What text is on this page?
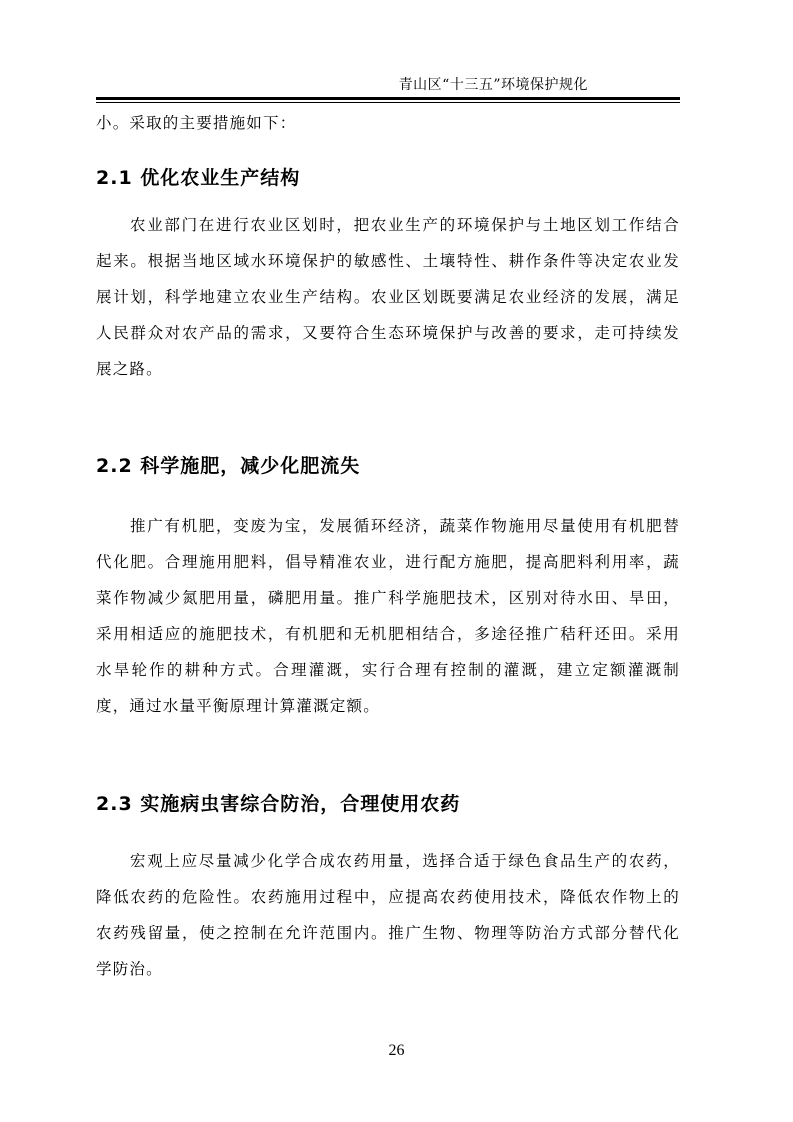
青山区“十三五”环境保护规化

小。采取的主要措施如下：

2.1 优化农业生产结构

农业部门在进行农业区划时，把农业生产的环境保护与土地区划工作结合起来。根据当地区域水环境保护的敏感性、土壤特性、耕作条件等决定农业发展计划，科学地建立农业生产结构。农业区划既要满足农业经济的发展，满足人民群众对农产品的需求，又要符合生态环境保护与改善的要求，走可持续发展之路。

2.2 科学施肥，减少化肥流失

推广有机肥，变废为宝，发展循环经济，蔬菜作物施用尽量使用有机肥替代化肥。合理施用肥料，倡导精准农业，进行配方施肥，提高肥料利用率，蔬菜作物减少氮肥用量，磷肥用量。推广科学施肥技术，区别对待水田、旱田，采用相适应的施肥技术，有机肥和无机肥相结合，多途径推广秸秆还田。采用水旱轮作的耕种方式。合理灌溉，实行合理有控制的灌溉，建立定额灌溉制度，通过水量平衡原理计算灌溉定额。

2.3 实施病虫害综合防治，合理使用农药

宏观上应尽量减少化学合成农药用量，选择合适于绿色食品生产的农药，降低农药的危险性。农药施用过程中，应提高农药使用技术，降低农作物上的农药残留量，使之控制在允许范围内。推广生物、物理等防治方式部分替代化学防治。

26
